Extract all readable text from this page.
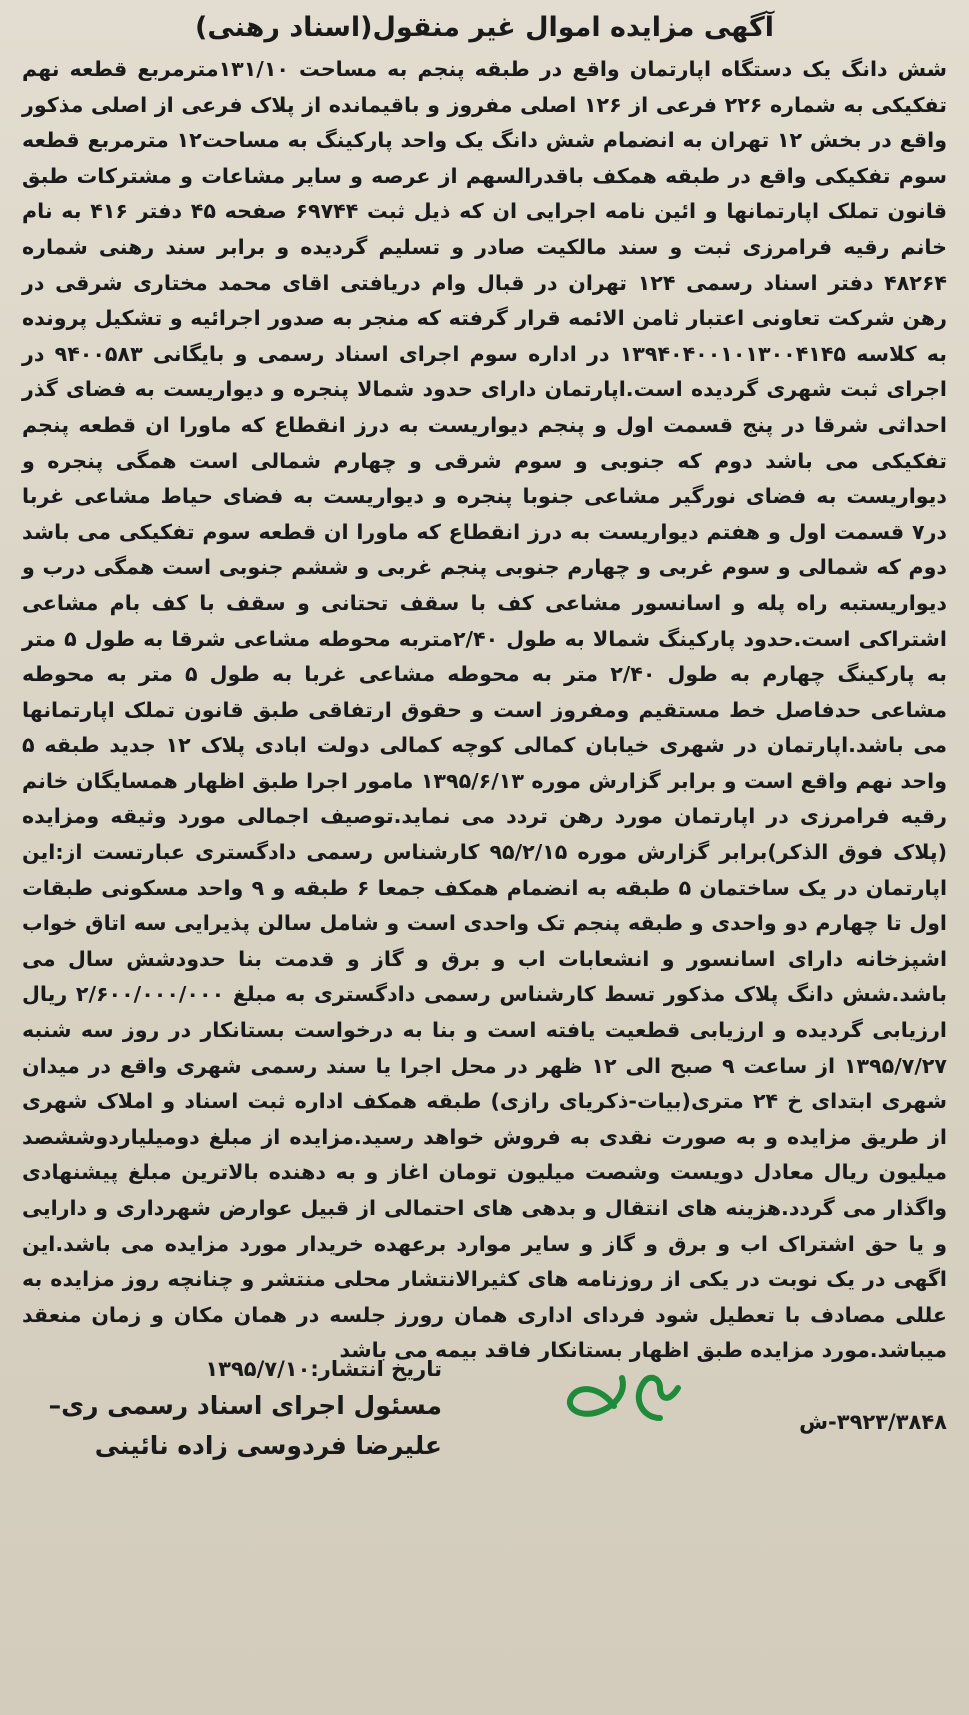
آگهی مزایده اموال غیر منقول(اسناد رهنی)

شش دانگ یک دستگاه اپارتمان واقع در طبقه پنجم به مساحت ۱۳۱/۱۰مترمربع قطعه نهم تفکیکی به شماره ۲۲۶ فرعی از ۱۲۶ اصلی مفروز و باقیمانده از پلاک فرعی از اصلی مذکور واقع در بخش ۱۲ تهران به انضمام شش دانگ یک واحد پارکینگ به مساحت۱۲ مترمربع قطعه سوم تفکیکی واقع در طبقه همکف باقدرالسهم از عرصه و سایر مشاعات و مشترکات طبق قانون تملک اپارتمانها و ائین نامه اجرایی ان که ذیل ثبت ۶۹۷۴۴ صفحه ۴۵ دفتر ۴۱۶ به نام خانم رقیه فرامرزی ثبت و سند مالکیت صادر و تسلیم گردیده و برابر سند رهنی شماره ۴۸۲۶۴ دفتر اسناد رسمی ۱۲۴ تهران در قبال وام دریافتی اقای محمد مختاری شرقی در رهن شرکت تعاونی اعتبار ثامن الائمه قرار گرفته که منجر به صدور اجرائیه و تشکیل پرونده به کلاسه ۱۳۹۴۰۴۰۰۱۰۱۳۰۰۴۱۴۵ در اداره سوم اجرای اسناد رسمی و بایگانی ۹۴۰۰۵۸۳ در اجرای ثبت شهری گردیده است.اپارتمان دارای حدود شمالا پنجره و دیواریست به فضای گذر احداثی شرقا در پنج قسمت اول و پنجم دیواریست به درز انقطاع که ماورا ان قطعه پنجم تفکیکی می باشد دوم که جنوبی و سوم شرقی و چهارم شمالی است همگی پنجره و دیواریست به فضای نورگیر مشاعی جنوبا پنجره و دیواریست به فضای حیاط مشاعی غربا در۷ قسمت اول و هفتم دیواریست به درز انقطاع که ماورا ان قطعه سوم تفکیکی می باشد دوم که شمالی و سوم غربی و چهارم جنوبی پنجم غربی و ششم جنوبی است همگی درب و دیواریستبه راه پله و اسانسور مشاعی کف با سقف تحتانی و سقف با کف بام مشاعی اشتراکی است.حدود پارکینگ شمالا به طول ۲/۴۰متربه محوطه مشاعی شرقا به طول ۵ متر به پارکینگ چهارم به طول ۲/۴۰ متر به محوطه مشاعی غربا به طول ۵ متر به محوطه مشاعی حدفاصل خط مستقیم ومفروز است و حقوق ارتفاقی طبق قانون تملک اپارتمانها می باشد.اپارتمان در شهری خیابان کمالی کوچه کمالی دولت ابادی پلاک ۱۲ جدید طبقه ۵ واحد نهم واقع است و برابر گزارش موره ۱۳۹۵/۶/۱۳ مامور اجرا طبق اظهار همسایگان خانم رقیه فرامرزی در اپارتمان مورد رهن تردد می نماید.توصیف اجمالی مورد وثیقه ومزایده (پلاک فوق الذکر)برابر گزارش موره ۹۵/۲/۱۵ کارشناس رسمی دادگستری عبارتست از:این اپارتمان در یک ساختمان ۵ طبقه به انضمام همکف جمعا ۶ طبقه و ۹ واحد مسکونی طبقات اول تا چهارم دو واحدی و طبقه پنجم تک واحدی است و شامل سالن پذیرایی سه اتاق خواب اشپزخانه دارای اسانسور و انشعابات اب و برق و گاز و قدمت بنا حدودشش سال می باشد.شش دانگ پلاک مذکور تسط کارشناس رسمی دادگستری به مبلغ ۲/۶۰۰/۰۰۰/۰۰۰ ریال ارزیابی گردیده و ارزیابی قطعیت یافته است و بنا به درخواست بستانکار در روز سه شنبه ۱۳۹۵/۷/۲۷ از ساعت ۹ صبح الی ۱۲ ظهر در محل اجرا یا سند رسمی شهری واقع در میدان شهری ابتدای خ ۲۴ متری(بیات-ذکریای رازی) طبقه همکف اداره ثبت اسناد و املاک شهری از طریق مزایده و به صورت نقدی به فروش خواهد رسید.مزایده از مبلغ دومیلیاردوششصد میلیون ریال معادل دویست وشصت میلیون تومان اغاز و به دهنده بالاترین مبلغ پیشنهادی واگذار می گردد.هزینه های انتقال و بدهی های احتمالی از قبیل عوارض شهرداری و دارایی و یا حق اشتراک اب و برق و گاز و سایر موارد برعهده خریدار مورد مزایده می باشد.این اگهی در یک نوبت در یکی از روزنامه های کثیرالانتشار محلی منتشر و چنانچه روز مزایده به عللی مصادف با تعطیل شود فردای اداری همان رورز جلسه در همان مکان و زمان منعقد میباشد.مورد مزایده طبق اظهار بستانکار فاقد بیمه می باشد

تاریخ انتشار:۱۳۹۵/۷/۱۰
مسئول اجرای اسناد رسمی ری–
علیرضا فردوسی زاده نائینی
۳۹۲۳/۳۸۴۸-ش
